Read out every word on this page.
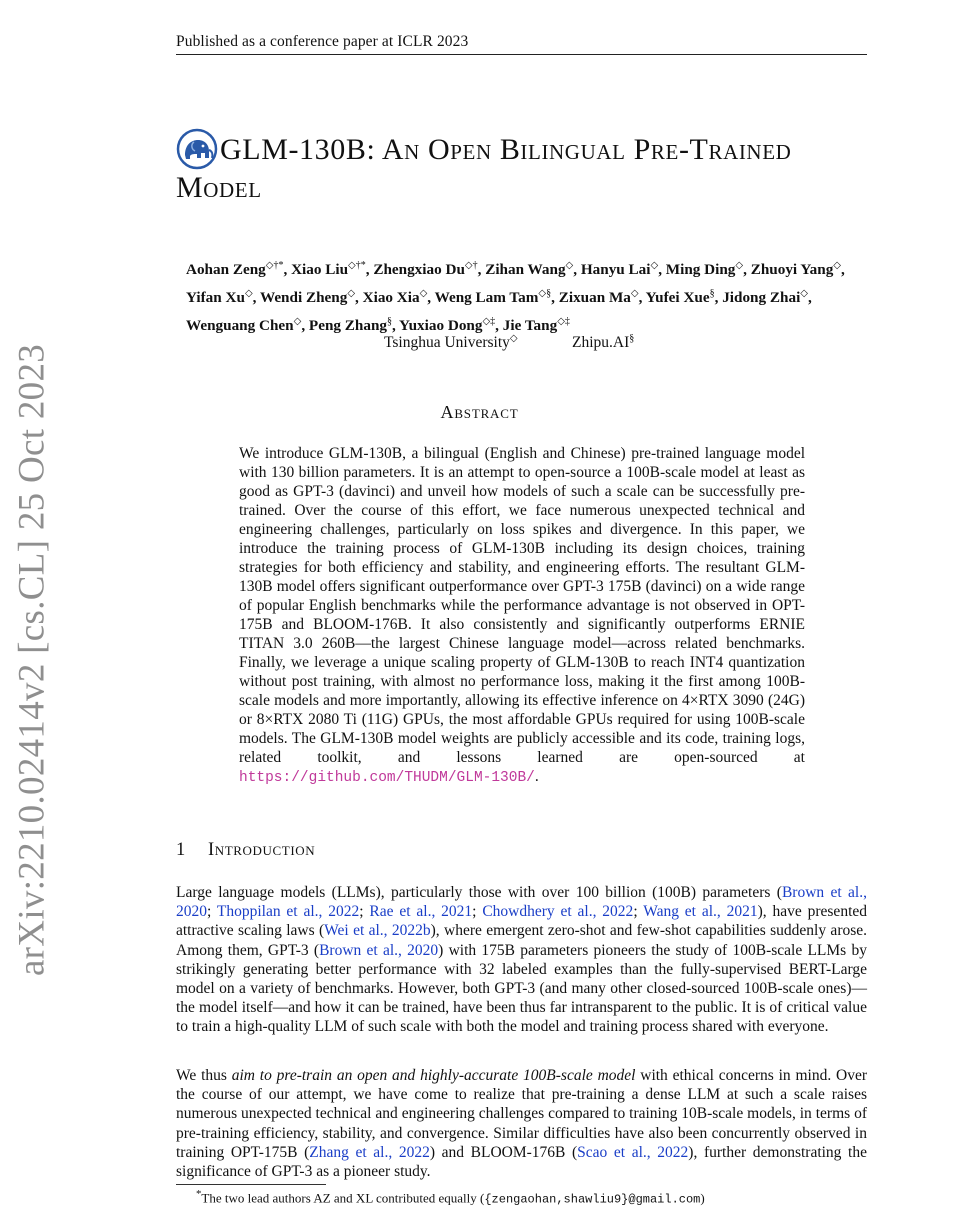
Published as a conference paper at ICLR 2023
arXiv:2210.02414v2 [cs.CL] 25 Oct 2023
GLM-130B: An Open Bilingual Pre-Trained
Model
Aohan Zeng◇†*, Xiao Liu◇†*, Zhengxiao Du◇†, Zihan Wang◇, Hanyu Lai◇, Ming Ding◇, Zhuoyi Yang◇, Yifan Xu◇, Wendi Zheng◇, Xiao Xia◇, Weng Lam Tam◇§, Zixuan Ma◇, Yufei Xue§, Jidong Zhai◇, Wenguang Chen◇, Peng Zhang§, Yuxiao Dong◇‡, Jie Tang◇‡
Tsinghua University◇	Zhipu.AI§
Abstract
We introduce GLM-130B, a bilingual (English and Chinese) pre-trained language model with 130 billion parameters. It is an attempt to open-source a 100B-scale model at least as good as GPT-3 (davinci) and unveil how models of such a scale can be successfully pre-trained. Over the course of this effort, we face numerous unexpected technical and engineering challenges, particularly on loss spikes and divergence. In this paper, we introduce the training process of GLM-130B including its design choices, training strategies for both efficiency and stability, and engineering efforts. The resultant GLM-130B model offers significant outperformance over GPT-3 175B (davinci) on a wide range of popular English benchmarks while the performance advantage is not observed in OPT-175B and BLOOM-176B. It also consistently and significantly outperforms ERNIE TITAN 3.0 260B—the largest Chinese language model—across related benchmarks. Finally, we leverage a unique scaling property of GLM-130B to reach INT4 quantization without post training, with almost no performance loss, making it the first among 100B-scale models and more importantly, allowing its effective inference on 4×RTX 3090 (24G) or 8×RTX 2080 Ti (11G) GPUs, the most affordable GPUs required for using 100B-scale models. The GLM-130B model weights are publicly accessible and its code, training logs, related toolkit, and lessons learned are open-sourced at https://github.com/THUDM/GLM-130B/.
1 Introduction
Large language models (LLMs), particularly those with over 100 billion (100B) parameters (Brown et al., 2020; Thoppilan et al., 2022; Rae et al., 2021; Chowdhery et al., 2022; Wang et al., 2021), have presented attractive scaling laws (Wei et al., 2022b), where emergent zero-shot and few-shot capabilities suddenly arose. Among them, GPT-3 (Brown et al., 2020) with 175B parameters pioneers the study of 100B-scale LLMs by strikingly generating better performance with 32 labeled examples than the fully-supervised BERT-Large model on a variety of benchmarks. However, both GPT-3 (and many other closed-sourced 100B-scale ones)—the model itself—and how it can be trained, have been thus far intransparent to the public. It is of critical value to train a high-quality LLM of such scale with both the model and training process shared with everyone.
We thus aim to pre-train an open and highly-accurate 100B-scale model with ethical concerns in mind. Over the course of our attempt, we have come to realize that pre-training a dense LLM at such a scale raises numerous unexpected technical and engineering challenges compared to training 10B-scale models, in terms of pre-training efficiency, stability, and convergence. Similar difficulties have also been concurrently observed in training OPT-175B (Zhang et al., 2022) and BLOOM-176B (Scao et al., 2022), further demonstrating the significance of GPT-3 as a pioneer study.
*The two lead authors AZ and XL contributed equally ({zengaohan,shawliu9}@gmail.com)
